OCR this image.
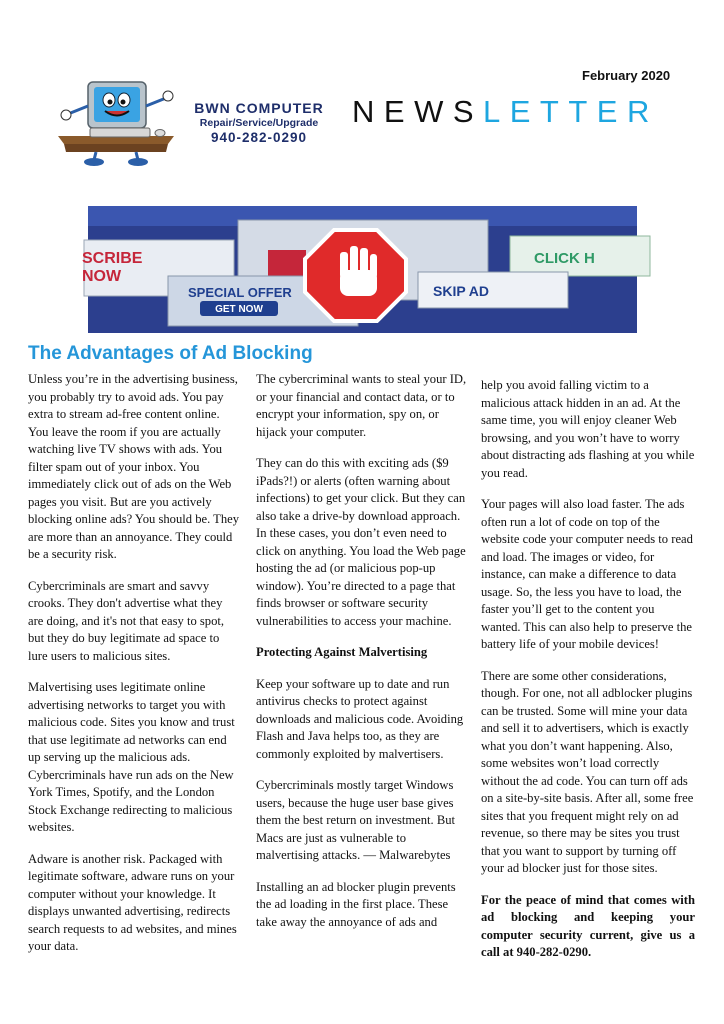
February 2020
BWN COMPUTER
Repair/Service/Upgrade
940-282-0290
NEWSLETTER
SCRIBE
NOW
SPECIAL OFFER
GET NOW
CLICK H
SKIP AD
The Advantages of Ad Blocking

Unless you’re in the advertising business, you probably try to avoid ads. You pay extra to stream ad-free content online. You leave the room if you are actually watching live TV shows with ads. You filter spam out of your inbox. You immediately click out of ads on the Web pages you visit. But are you actively blocking online ads? You should be. They are more than an annoyance. They could be a security risk.

Cybercriminals are smart and savvy crooks. They don't advertise what they are doing, and it's not that easy to spot, but they do buy legitimate ad space to lure users to malicious sites.

Malvertising uses legitimate online advertising networks to target you with malicious code. Sites you know and trust that use legitimate ad networks can end up serving up the malicious ads. Cybercriminals have run ads on the New York Times, Spotify, and the London Stock Exchange redirecting to malicious websites.

Adware is another risk. Packaged with legitimate software, adware runs on your computer without your knowledge. It displays unwanted advertising, redirects search requests to ad websites, and mines your data.

The cybercriminal wants to steal your ID, or your financial and contact data, or to encrypt your information, spy on, or hijack your computer.

They can do this with exciting ads ($9 iPads?!) or alerts (often warning about infections) to get your click. But they can also take a drive-by download approach. In these cases, you don’t even need to click on anything. You load the Web page hosting the ad (or malicious pop-up window). You’re directed to a page that finds browser or software security vulnerabilities to access your machine.

Protecting Against Malvertising

Keep your software up to date and run antivirus checks to protect against downloads and malicious code. Avoiding Flash and Java helps too, as they are commonly exploited by malvertisers.

Cybercriminals mostly target Windows users, because the huge user base gives them the best return on investment. But Macs are just as vulnerable to malvertising attacks. — Malwarebytes

Installing an ad blocker plugin prevents the ad loading in the first place. These take away the annoyance of ads and

help you avoid falling victim to a malicious attack hidden in an ad. At the same time, you will enjoy cleaner Web browsing, and you won’t have to worry about distracting ads flashing at you while you read.

Your pages will also load faster. The ads often run a lot of code on top of the website code your computer needs to read and load. The images or video, for instance, can make a difference to data usage. So, the less you have to load, the faster you’ll get to the content you wanted. This can also help to preserve the battery life of your mobile devices!

There are some other considerations, though. For one, not all adblocker plugins can be trusted. Some will mine your data and sell it to advertisers, which is exactly what you don’t want happening. Also, some websites won’t load correctly without the ad code. You can turn off ads on a site-by-site basis. After all, some free sites that you frequent might rely on ad revenue, so there may be sites you trust that you want to support by turning off your ad blocker just for those sites.

For the peace of mind that comes with ad blocking and keeping your computer security current, give us a call at 940-282-0290.
